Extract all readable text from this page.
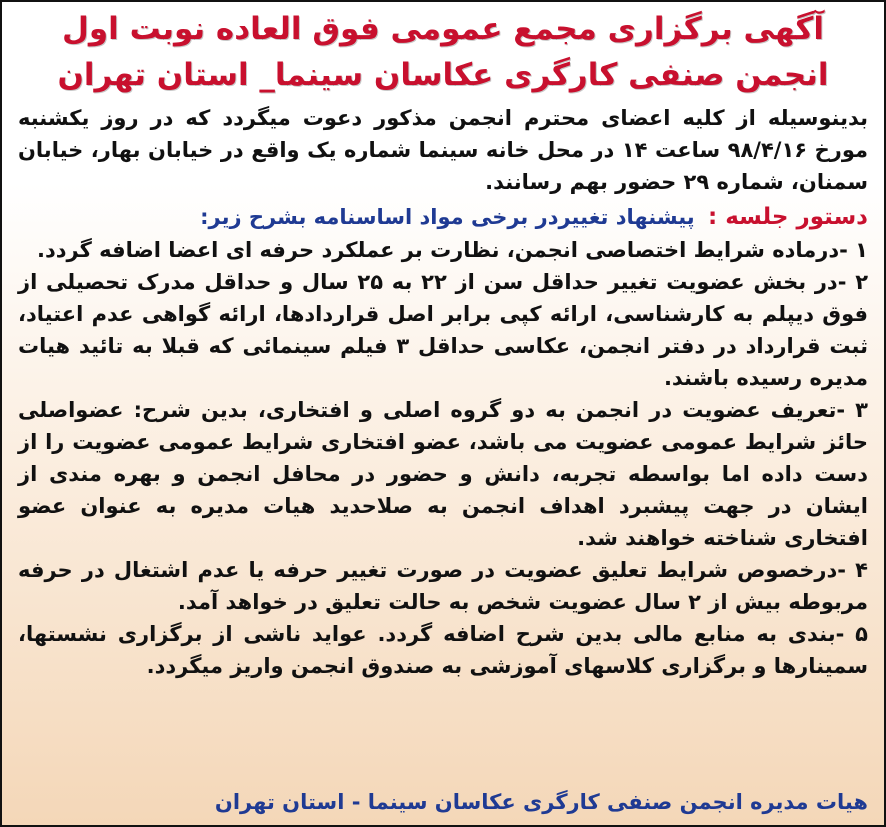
آگهی برگزاری مجمع عمومی فوق العاده نوبت اول
انجمن صنفی کارگری عکاسان سینما_ استان تهران

بدینوسیله از کلیه اعضای محترم انجمن مذکور دعوت میگردد که در روز یکشنبه مورخ ۹۸/۴/۱۶ ساعت ۱۴ در محل خانه سینما شماره یک واقع در خیابان بهار، خیابان سمنان، شماره ۲۹ حضور بهم رسانند.

دستور جلسه : پیشنهاد تغییردر برخی مواد اساسنامه بشرح زیر:

۱ -درماده شرایط اختصاصی انجمن، نظارت بر عملکرد حرفه ای اعضا اضافه گردد.

۲ -در بخش عضویت تغییر حداقل سن از ۲۲ به ۲۵ سال و حداقل مدرک تحصیلی از فوق دیپلم به کارشناسی، ارائه کپی برابر اصل قراردادها، ارائه گواهی عدم اعتیاد، ثبت قرارداد در دفتر انجمن، عکاسی حداقل ۳ فیلم سینمائی که قبلا به تائید هیات مدیره رسیده باشند.

۳ -تعریف عضویت در انجمن به دو گروه اصلی و افتخاری، بدین شرح: عضواصلی حائز شرایط عمومی عضویت می باشد، عضو افتخاری شرایط عمومی عضویت را از دست داده اما بواسطه تجربه، دانش و حضور در محافل انجمن و بهره مندی از ایشان در جهت پیشبرد اهداف انجمن به صلاحدید هیات مدیره به عنوان عضو افتخاری شناخته خواهند شد.

۴ -درخصوص شرایط تعلیق عضویت در صورت تغییر حرفه یا عدم اشتغال در حرفه مربوطه بیش از ۲ سال عضویت شخص به حالت تعلیق در خواهد آمد.

۵ -بندی به منابع مالی بدین شرح اضافه گردد. عواید ناشی از برگزاری نشستها، سمینارها و برگزاری کلاسهای آموزشی به صندوق انجمن واریز میگردد.

هیات مدیره انجمن صنفی کارگری عکاسان سینما - استان تهران
